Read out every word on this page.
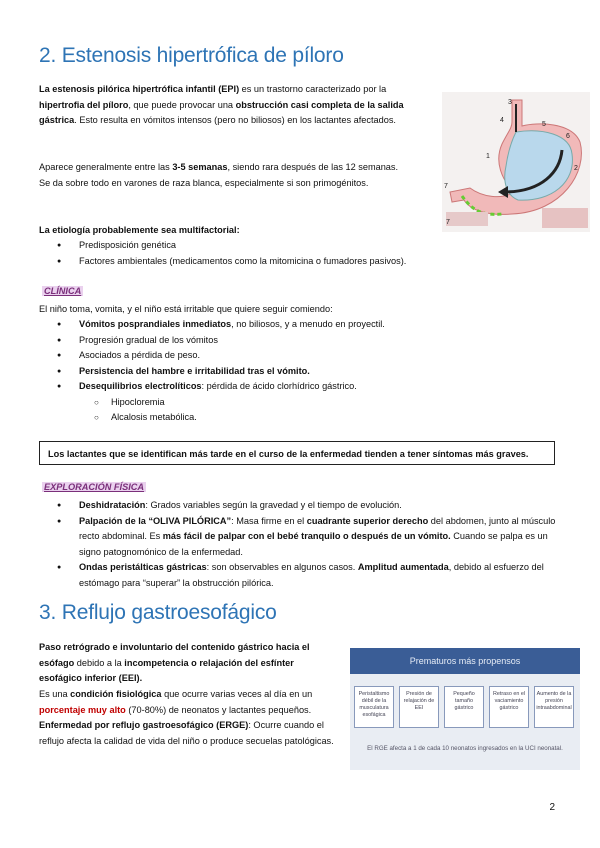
2. Estenosis hipertrófica de píloro

La estenosis pilórica hipertrófica infantil (EPI) es un trastorno caracterizado por la hipertrofia del píloro, que puede provocar una obstrucción casi completa de la salida gástrica. Esto resulta en vómitos intensos (pero no biliosos) en los lactantes afectados.

Aparece generalmente entre las 3-5 semanas, siendo rara después de las 12 semanas. Se da sobre todo en varones de raza blanca, especialmente si son primogénitos.

La etiología probablemente sea multifactorial:

● Predisposición genética
● Factores ambientales (medicamentos como la mitomicina o fumadores pasivos).
3
4
5
6
2
1
7
7
CLÍNICA

El niño toma, vomita, y el niño está irritable que quiere seguir comiendo:

● Vómitos posprandiales inmediatos, no biliosos, y a menudo en proyectil.
● Progresión gradual de los vómitos
● Asociados a pérdida de peso.
● Persistencia del hambre e irritabilidad tras el vómito.
● Desequilibrios electrolíticos: pérdida de ácido clorhídrico gástrico.
○ Hipocloremia
○ Alcalosis metabólica.
Los lactantes que se identifican más tarde en el curso de la enfermedad tienden a tener síntomas más graves.
EXPLORACIÓN FÍSICA
● Deshidratación: Grados variables según la gravedad y el tiempo de evolución.
● Palpación de la “OLIVA PILÓRICA”: Masa firme en el cuadrante superior derecho del abdomen, junto al músculo recto abdominal. Es más fácil de palpar con el bebé tranquilo o después de un vómito. Cuando se palpa es un signo patognomónico de la enfermedad.
● Ondas peristálticas gástricas: son observables en algunos casos. Amplitud aumentada, debido al esfuerzo del estómago para “superar” la obstrucción pilórica.
3. Reflujo gastroesofágico

Paso retrógrado e involuntario del contenido gástrico hacia el esófago debido a la incompetencia o relajación del esfínter esofágico inferior (EEI).

Es una condición fisiológica que ocurre varias veces al día en un porcentaje muy alto (70-80%) de neonatos y lactantes pequeños.

Enfermedad por reflujo gastroesofágico (ERGE): Ocurre cuando el reflujo afecta la calidad de vida del niño o produce secuelas patológicas.

Prematuros más propensos
Peristaltismo débil de la musculatura esofágica
Presión de relajación de EEI
Pequeño tamaño gástrico
Retraso en el vaciamiento gástrico
Aumento de la presión intraabdominal
El RGE afecta a 1 de cada 10 neonatos ingresados en la UCI neonatal.
2
